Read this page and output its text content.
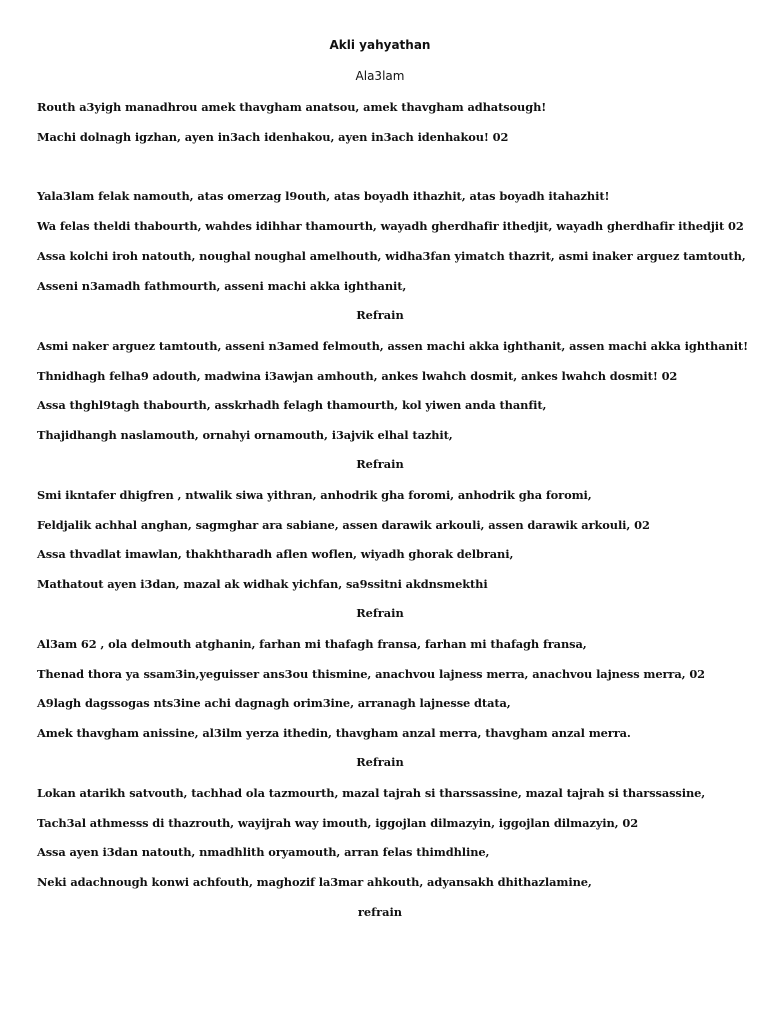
Akli yahyathan
Ala3lam
Routh a3yigh manadhrou amek thavgham anatsou, amek thavgham adhatsough!
Machi dolnagh igzhan, ayen in3ach idenhakou, ayen in3ach idenhakou! 02
Yala3lam felak namouth, atas omerzag l9outh, atas boyadh ithazhit, atas boyadh itahazhit!
Wa felas theldi thabourth, wahdes idihhar thamourth, wayadh gherdhafir ithedjit, wayadh gherdhafir ithedjit 02
Assa kolchi iroh natouth, noughal noughal amelhouth, widha3fan yimatch thazrit, asmi inaker arguez tamtouth,
Asseni n3amadh fathmourth, asseni machi akka ighthanit,
Refrain
Asmi naker arguez tamtouth, asseni n3amed felmouth, assen machi akka ighthanit, assen machi akka ighthanit!
Thnidhagh felha9 adouth, madwina i3awjan amhouth, ankes lwahch dosmit, ankes lwahch dosmit! 02
Assa thghl9tagh thabourth, asskrhadh felagh thamourth, kol yiwen anda thanfit,
Thajidhangh naslamouth, ornahyi ornamouth, i3ajvik elhal tazhit,
Refrain
Smi ikntafer dhigfren , ntwalik siwa yithran, anhodrik gha foromi, anhodrik gha foromi,
Feldjalik achhal anghan, sagmghar ara sabiane, assen darawik arkouli, assen darawik arkouli, 02
Assa thvadlat imawlan, thakhtharadh aflen woflen, wiyadh ghorak delbrani,
Mathatout ayen i3dan, mazal ak widhak yichfan, sa9ssitni akdnsmekthi
Refrain
Al3am 62 , ola delmouth atghanin, farhan mi thafagh fransa, farhan mi thafagh fransa,
Thenad thora ya ssam3in,yeguisser ans3ou thismine, anachvou lajness merra, anachvou lajness merra, 02
A9lagh dagssogas nts3ine achi dagnagh orim3ine, arranagh lajnesse dtata,
Amek thavgham anissine, al3ilm yerza ithedin, thavgham anzal merra, thavgham anzal merra.
Refrain
Lokan atarikh satvouth, tachhad ola tazmourth, mazal tajrah si tharssassine, mazal tajrah si tharssassine,
Tach3al athmesss di thazrouth, wayijrah way imouth, iggojlan dilmazyin, iggojlan dilmazyin, 02
Assa ayen i3dan natouth, nmadhlith oryamouth, arran felas thimdhline,
Neki adachnough konwi achfouth, maghozif la3mar ahkouth, adyansakh dhithazlamine,
refrain
